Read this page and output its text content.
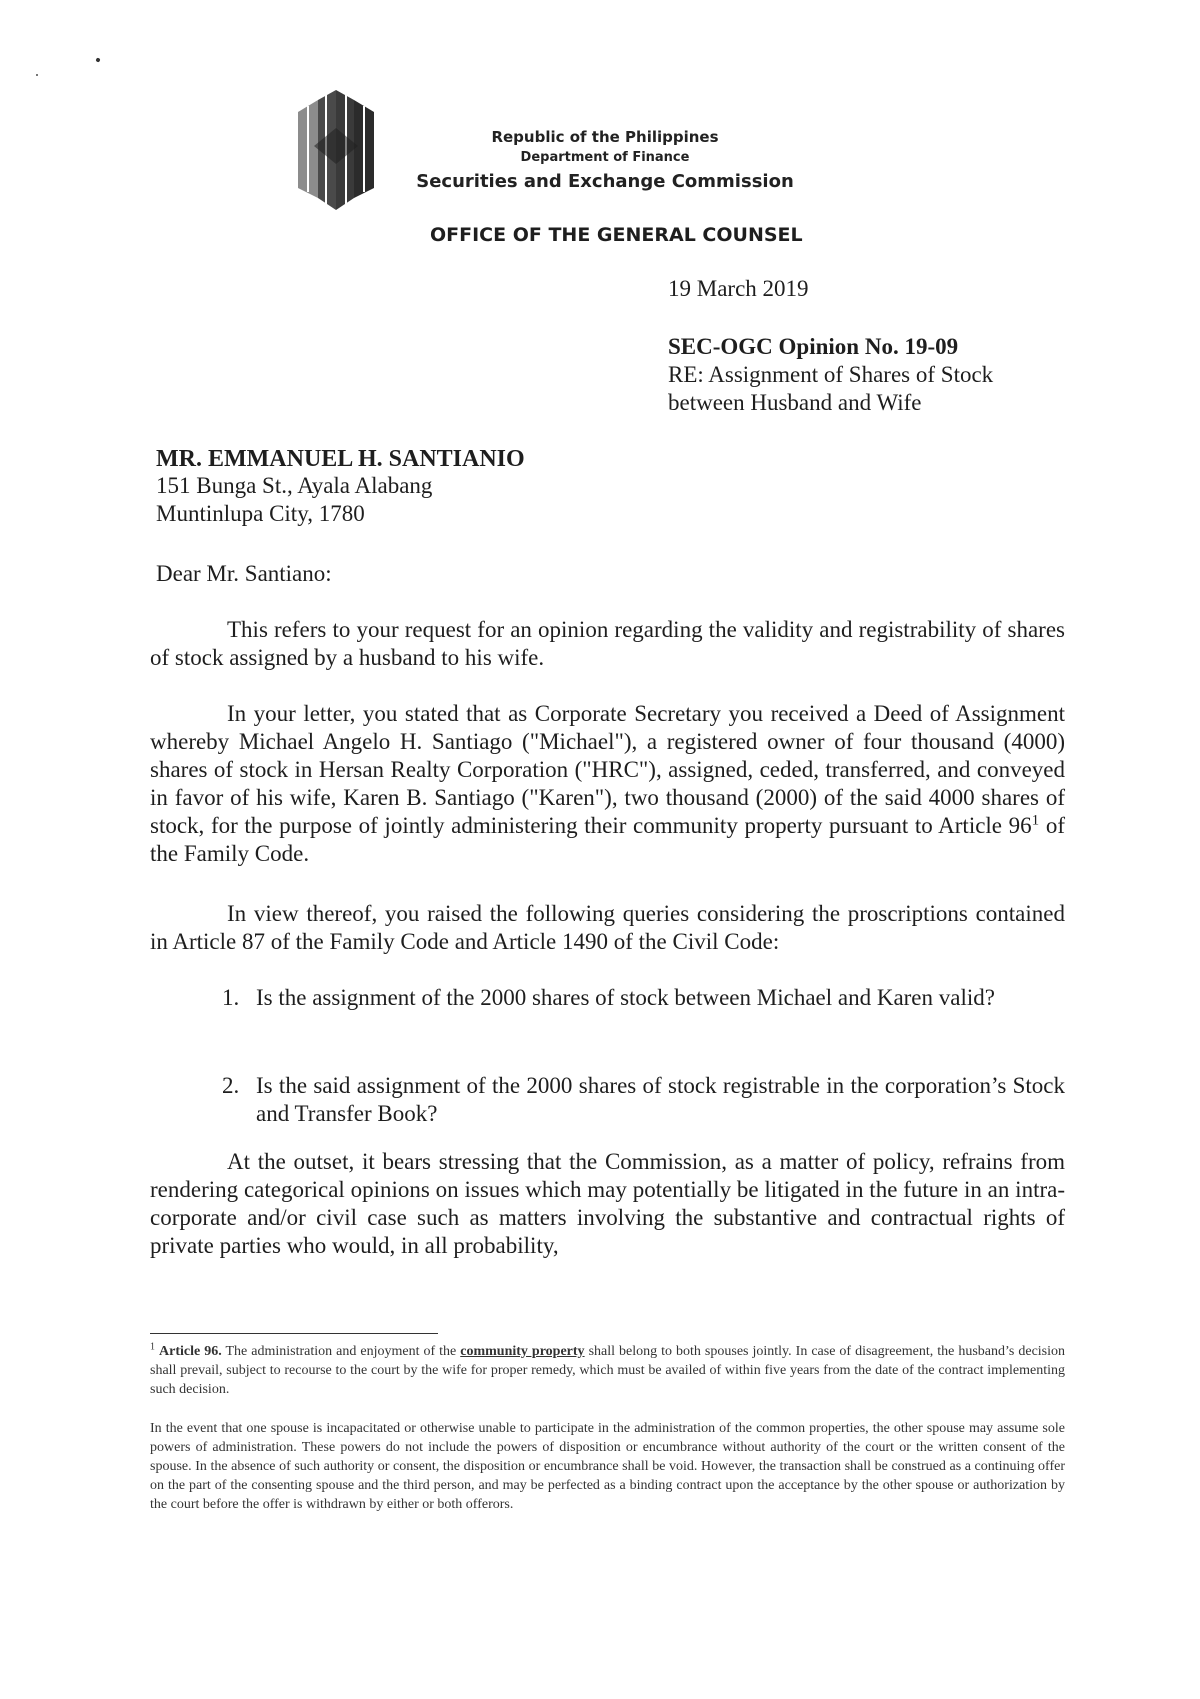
Republic of the Philippines
Department of Finance
Securities and Exchange Commission
OFFICE OF THE GENERAL COUNSEL
19 March 2019
SEC-OGC Opinion No. 19-09
RE: Assignment of Shares of Stock
between Husband and Wife
MR. EMMANUEL H. SANTIANIO
151 Bunga St., Ayala Alabang
Muntinlupa City, 1780
Dear Mr. Santiano:

This refers to your request for an opinion regarding the validity and registrability of shares of stock assigned by a husband to his wife.

In your letter, you stated that as Corporate Secretary you received a Deed of Assignment whereby Michael Angelo H. Santiago ("Michael"), a registered owner of four thousand (4000) shares of stock in Hersan Realty Corporation ("HRC"), assigned, ceded, transferred, and conveyed in favor of his wife, Karen B. Santiago ("Karen"), two thousand (2000) of the said 4000 shares of stock, for the purpose of jointly administering their community property pursuant to Article $96^1$ of the Family Code.

In view thereof, you raised the following queries considering the proscriptions contained in Article 87 of the Family Code and Article 1490 of the Civil Code:

1. Is the assignment of the 2000 shares of stock between Michael and Karen valid?
2. Is the said assignment of the 2000 shares of stock registrable in the corporation’s Stock and Transfer Book?

At the outset, it bears stressing that the Commission, as a matter of policy, refrains from rendering categorical opinions on issues which may potentially be litigated in the future in an intra-corporate and/or civil case such as matters involving the substantive and contractual rights of private parties who would, in all probability,

$^1$ Article 96. The administration and enjoyment of the community property shall belong to both spouses jointly. In case of disagreement, the husband’s decision shall prevail, subject to recourse to the court by the wife for proper remedy, which must be availed of within five years from the date of the contract implementing such decision.
In the event that one spouse is incapacitated or otherwise unable to participate in the administration of the common properties, the other spouse may assume sole powers of administration. These powers do not include the powers of disposition or encumbrance without authority of the court or the written consent of the spouse. In the absence of such authority or consent, the disposition or encumbrance shall be void. However, the transaction shall be construed as a continuing offer on the part of the consenting spouse and the third person, and may be perfected as a binding contract upon the acceptance by the other spouse or authorization by the court before the offer is withdrawn by either or both offerors.
